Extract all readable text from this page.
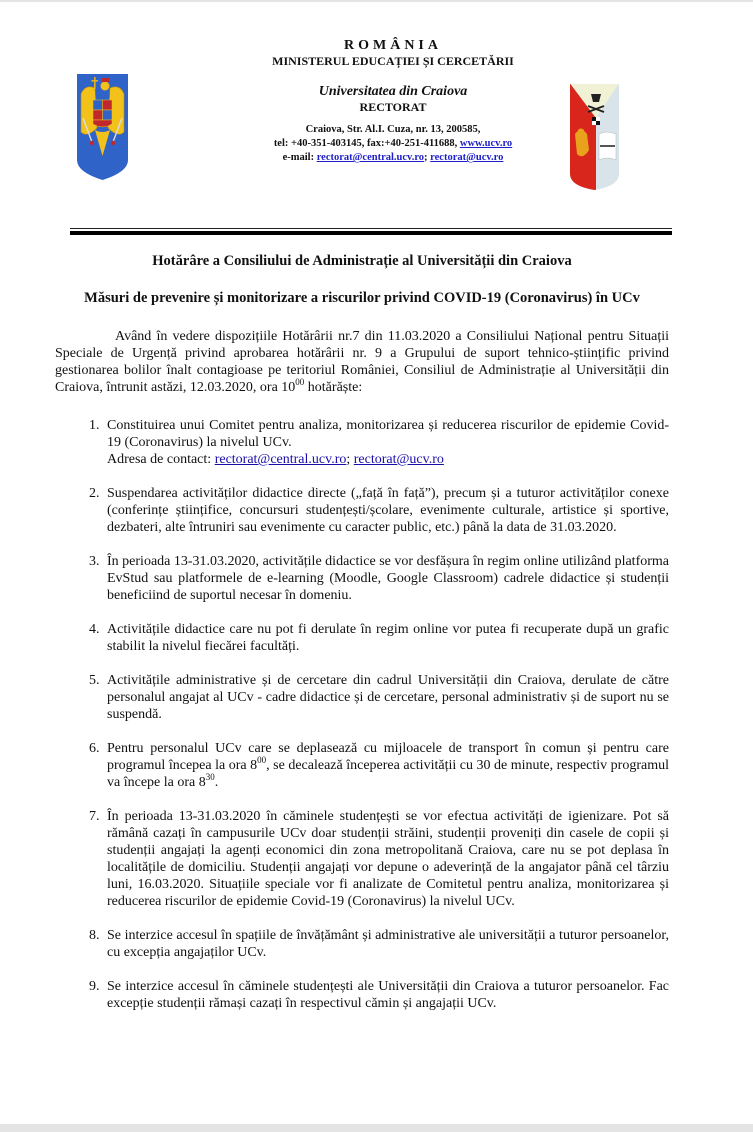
ROMÂNIA
MINISTERUL EDUCAȚIEI ȘI CERCETĂRII
Universitatea din Craiova
RECTORAT
Craiova, Str. Al.I. Cuza, nr. 13, 200585,
tel: +40-351-403145, fax:+40-251-411688, www.ucv.ro
e-mail: rectorat@central.ucv.ro; rectorat@ucv.ro

Hotărâre a Consiliului de Administrație al Universității din Craiova

Măsuri de prevenire și monitorizare a riscurilor privind COVID-19 (Coronavirus) în UCv

Având în vedere dispozițiile Hotărârii nr.7 din 11.03.2020 a Consiliului Național pentru Situații Speciale de Urgență privind aprobarea hotărârii nr. 9 a Grupului de suport tehnico-științific privind gestionarea bolilor înalt contagioase pe teritoriul României, Consiliul de Administrație al Universității din Craiova, întrunit astăzi, 12.03.2020, ora $10^{00}$ hotărăște:

1. Constituirea unui Comitet pentru analiza, monitorizarea și reducerea riscurilor de epidemie Covid-19 (Coronavirus) la nivelul UCv.
Adresa de contact: rectorat@central.ucv.ro; rectorat@ucv.ro
2. Suspendarea activităților didactice directe („față în față”), precum și a tuturor activităților conexe (conferințe științifice, concursuri studențești/școlare, evenimente culturale, artistice și sportive, dezbateri, alte întruniri sau evenimente cu caracter public, etc.) până la data de 31.03.2020.
3. În perioada 13-31.03.2020, activitățile didactice se vor desfășura în regim online utilizând platforma EvStud sau platformele de e-learning (Moodle, Google Classroom) cadrele didactice și studenții beneficiind de suportul necesar în domeniu.
4. Activitățile didactice care nu pot fi derulate în regim online vor putea fi recuperate după un grafic stabilit la nivelul fiecărei facultăți.
5. Activitățile administrative și de cercetare din cadrul Universității din Craiova, derulate de către personalul angajat al UCv - cadre didactice și de cercetare, personal administrativ și de suport nu se suspendă.
6. Pentru personalul UCv care se deplasează cu mijloacele de transport în comun și pentru care programul începea la ora $8^{00}$, se decalează începerea activității cu 30 de minute, respectiv programul va începe la ora $8^{30}$.
7. În perioada 13-31.03.2020 în căminele studențești se vor efectua activități de igienizare. Pot să rămână cazați în campusurile UCv doar studenții străini, studenții proveniți din casele de copii și studenții angajați la agenți economici din zona metropolitană Craiova, care nu se pot deplasa în localitățile de domiciliu. Studenții angajați vor depune o adeverință de la angajator până cel târziu luni, 16.03.2020. Situațiile speciale vor fi analizate de Comitetul pentru analiza, monitorizarea și reducerea riscurilor de epidemie Covid-19 (Coronavirus) la nivelul UCv.
8. Se interzice accesul în spațiile de învățământ și administrative ale universității a tuturor persoanelor, cu excepția angajaților UCv.
9. Se interzice accesul în căminele studențești ale Universității din Craiova a tuturor persoanelor. Fac excepție studenții rămași cazați în respectivul cămin și angajații UCv.
